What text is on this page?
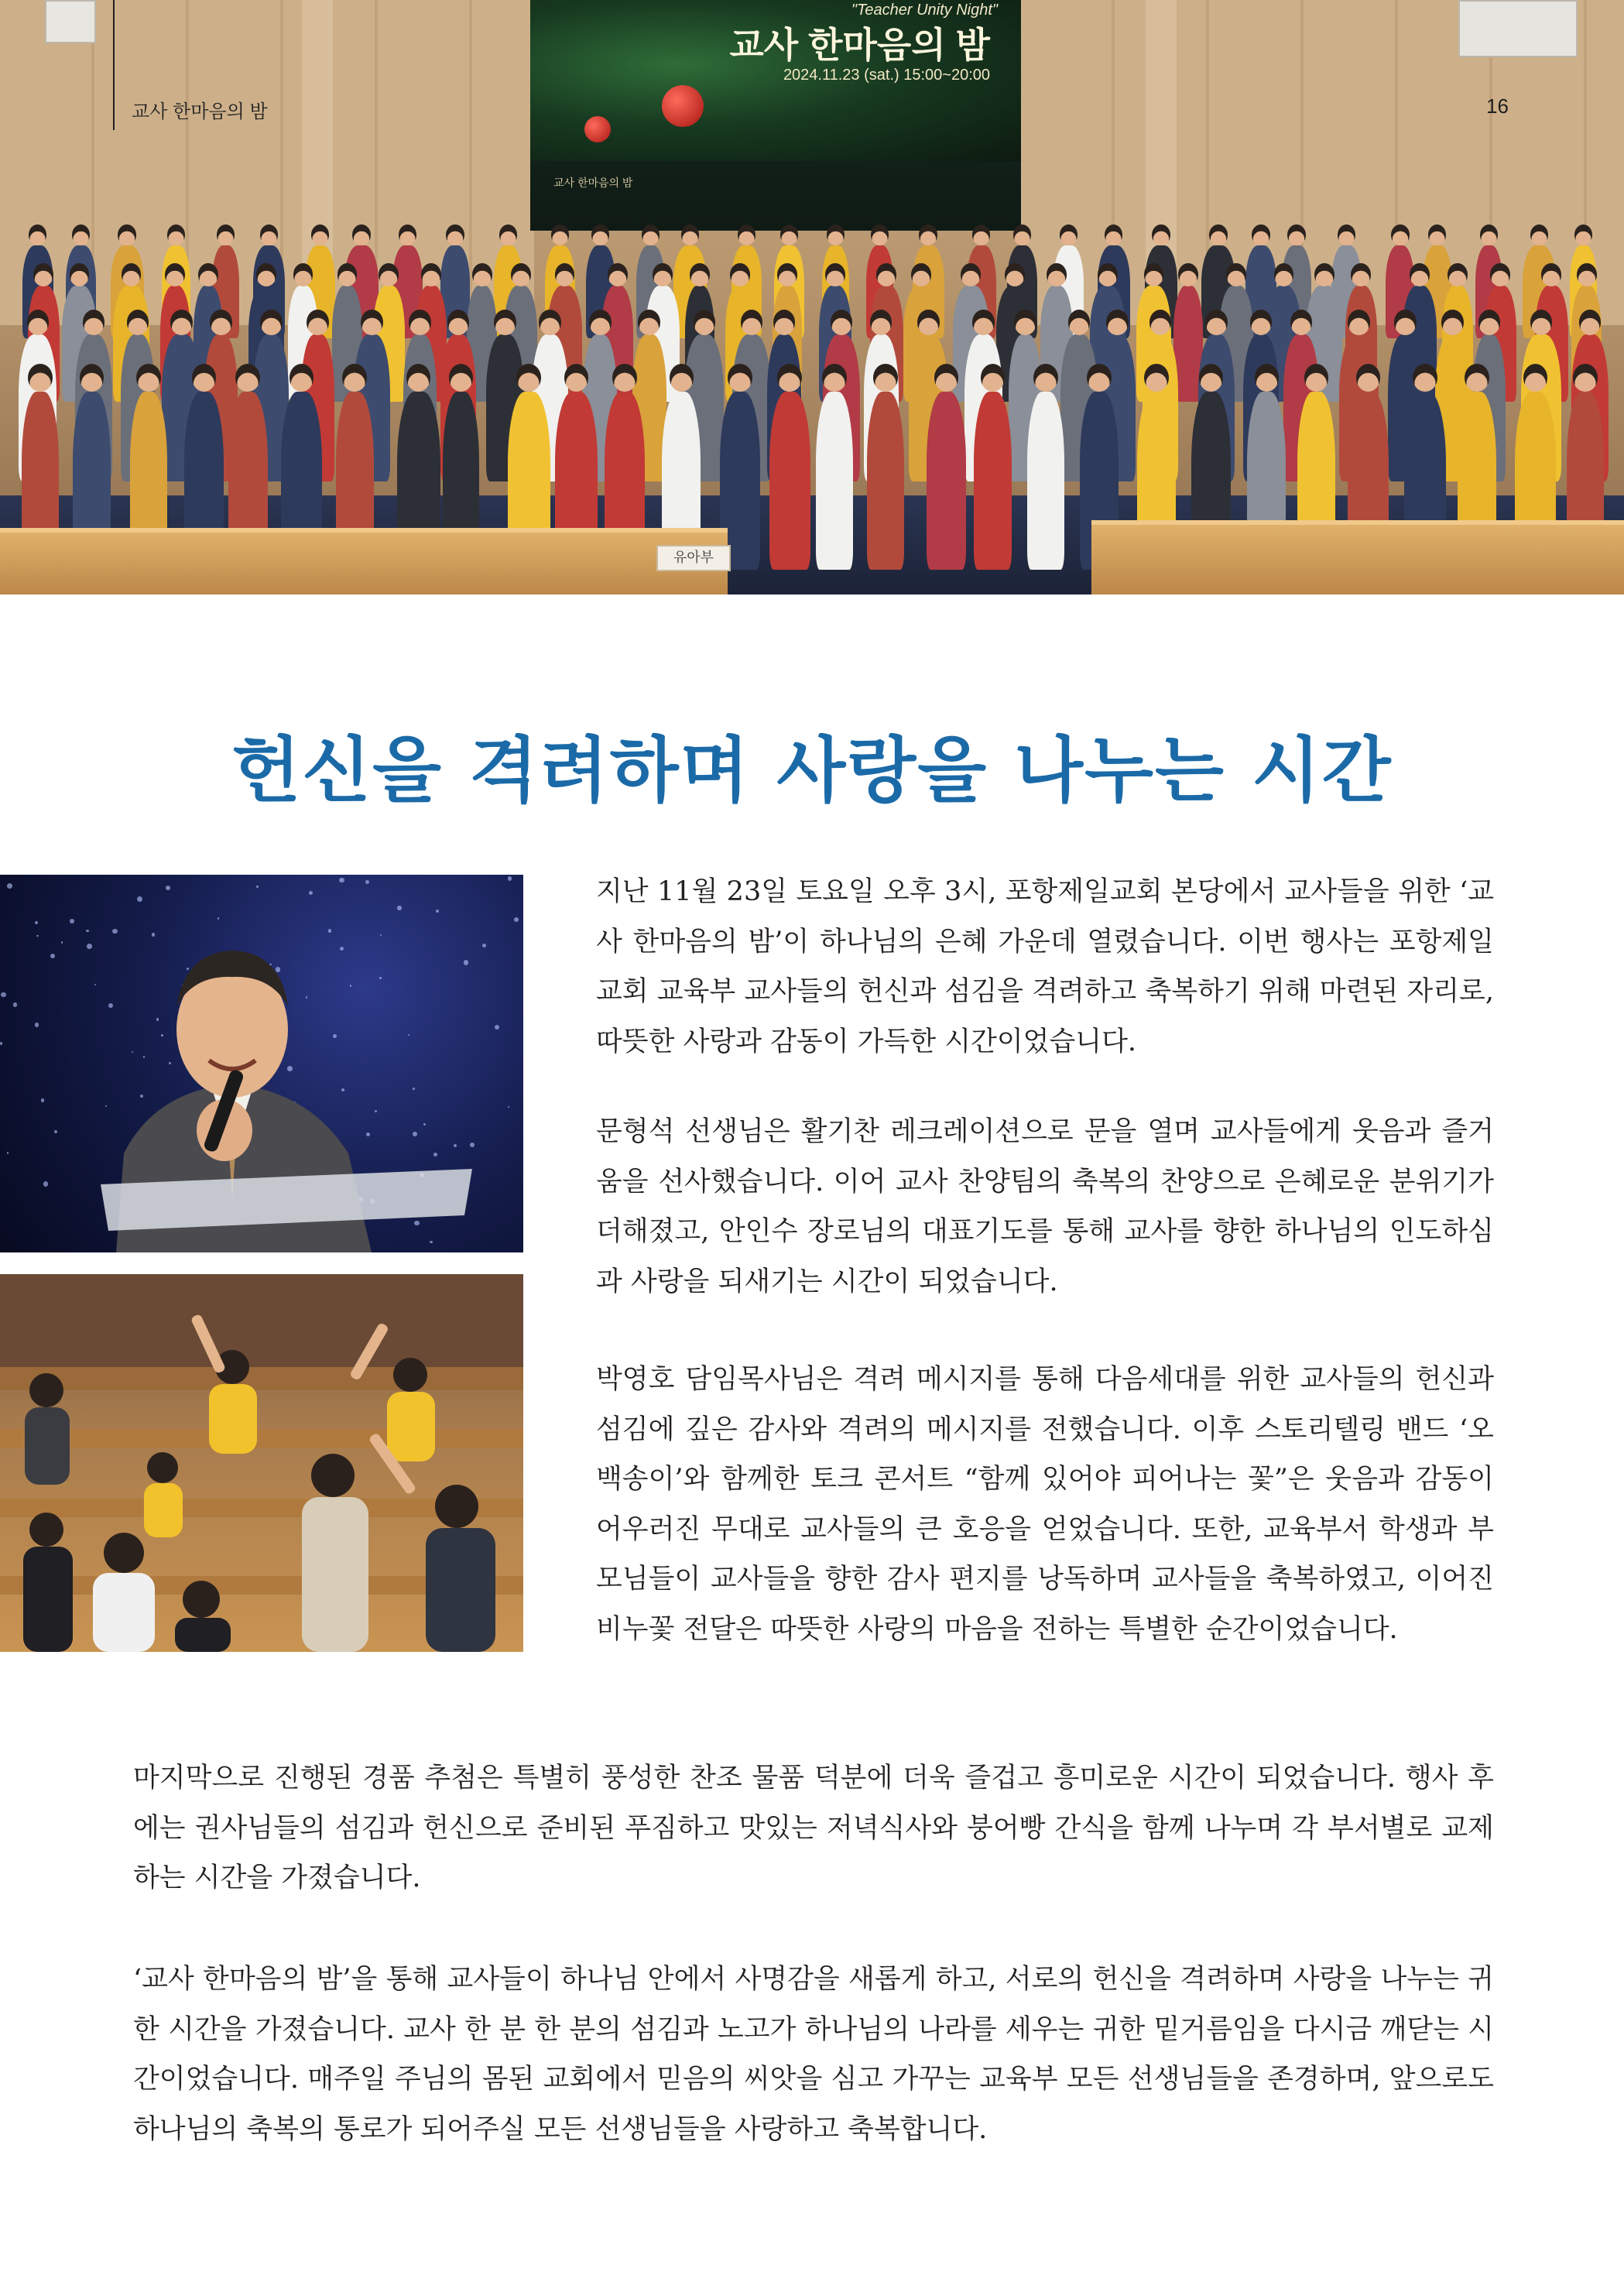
"Teacher Unity Night"
교사 한마음의 밤
2024.11.23 (sat.) 15:00~20:00
교사 한마음의 밤
유아부
교사 한마음의 밤	16
헌신을 격려하며 사랑을 나누는 시간

지난 11월 23일 토요일 오후 3시, 포항제일교회 본당에서 교사들을 위한 ‘교사 한마음의 밤’이 하나님의 은혜 가운데 열렸습니다. 이번 행사는 포항제일교회 교육부 교사들의 헌신과 섬김을 격려하고 축복하기 위해 마련된 자리로, 따뜻한 사랑과 감동이 가득한 시간이었습니다.

문형석 선생님은 활기찬 레크레이션으로 문을 열며 교사들에게 웃음과 즐거움을 선사했습니다. 이어 교사 찬양팀의 축복의 찬양으로 은혜로운 분위기가 더해졌고, 안인수 장로님의 대표기도를 통해 교사를 향한 하나님의 인도하심과 사랑을 되새기는 시간이 되었습니다.

박영호 담임목사님은 격려 메시지를 통해 다음세대를 위한 교사들의 헌신과 섬김에 깊은 감사와 격려의 메시지를 전했습니다. 이후 스토리텔링 밴드 ‘오백송이’와 함께한 토크 콘서트 “함께 있어야 피어나는 꽃”은 웃음과 감동이 어우러진 무대로 교사들의 큰 호응을 얻었습니다. 또한, 교육부서 학생과 부모님들이 교사들을 향한 감사 편지를 낭독하며 교사들을 축복하였고, 이어진 비누꽃 전달은 따뜻한 사랑의 마음을 전하는 특별한 순간이었습니다.

마지막으로 진행된 경품 추첨은 특별히 풍성한 찬조 물품 덕분에 더욱 즐겁고 흥미로운 시간이 되었습니다. 행사 후에는 권사님들의 섬김과 헌신으로 준비된 푸짐하고 맛있는 저녁식사와 붕어빵 간식을 함께 나누며 각 부서별로 교제하는 시간을 가졌습니다.

‘교사 한마음의 밤’을 통해 교사들이 하나님 안에서 사명감을 새롭게 하고, 서로의 헌신을 격려하며 사랑을 나누는 귀한 시간을 가졌습니다. 교사 한 분 한 분의 섬김과 노고가 하나님의 나라를 세우는 귀한 밑거름임을 다시금 깨닫는 시간이었습니다. 매주일 주님의 몸된 교회에서 믿음의 씨앗을 심고 가꾸는 교육부 모든 선생님들을 존경하며, 앞으로도 하나님의 축복의 통로가 되어주실 모든 선생님들을 사랑하고 축복합니다.
